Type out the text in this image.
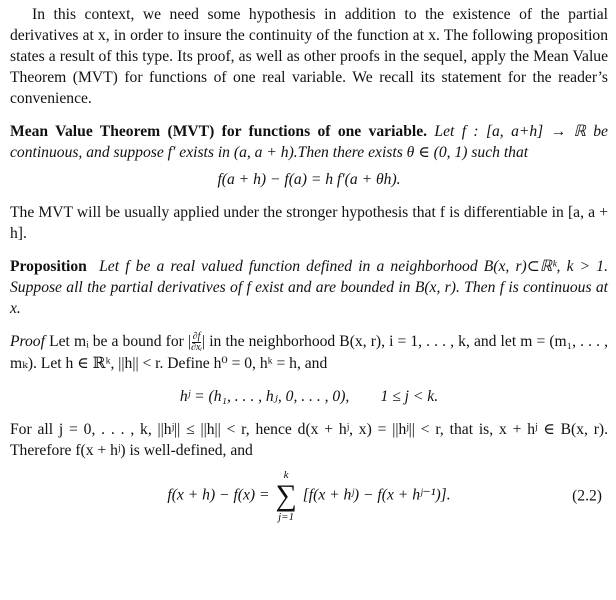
In this context, we need some hypothesis in addition to the existence of the partial derivatives at x, in order to insure the continuity of the function at x. The following proposition states a result of this type. Its proof, as well as other proofs in the sequel, apply the Mean Value Theorem (MVT) for functions of one real variable. We recall its statement for the reader’s convenience.

Mean Value Theorem (MVT) for functions of one variable. Let f : [a, a+h] → ℝ be continuous, and suppose f′ exists in (a, a + h).Then there exists θ ∈ (0, 1) such that

f(a + h) − f(a) = h f′(a + θh).

The MVT will be usually applied under the stronger hypothesis that f is differentiable in [a, a + h].

Proposition Let f be a real valued function defined in a neighborhood B(x, r)⊂ℝᵏ, k > 1. Suppose all the partial derivatives of f exist and are bounded in B(x, r). Then f is continuous at x.

Proof Let mᵢ be a bound for | $\frac{\partial f}{\text{∂xᵢ}}$ | in the neighborhood B(x, r), i = 1, . . . , k, and let m = (m₁, . . . , mₖ). Let h ∈ ℝᵏ, ||h|| < r. Define h⁰ = 0, hᵏ = h, and

hʲ = (h₁, . . . , hⱼ, 0, . . . , 0),        1 ≤ j < k.

For all j = 0, . . . , k, ||hʲ|| ≤ ||h|| < r, hence d(x + hʲ, x) = ||hʲ|| < r, that is, x + hʲ ∈ B(x, r). Therefore f(x + hʲ) is well-defined, and

f(x + h) − f(x) =
k
∑
j=1
[f(x + hʲ) − f(x + hʲ⁻¹)].	(2.2)
